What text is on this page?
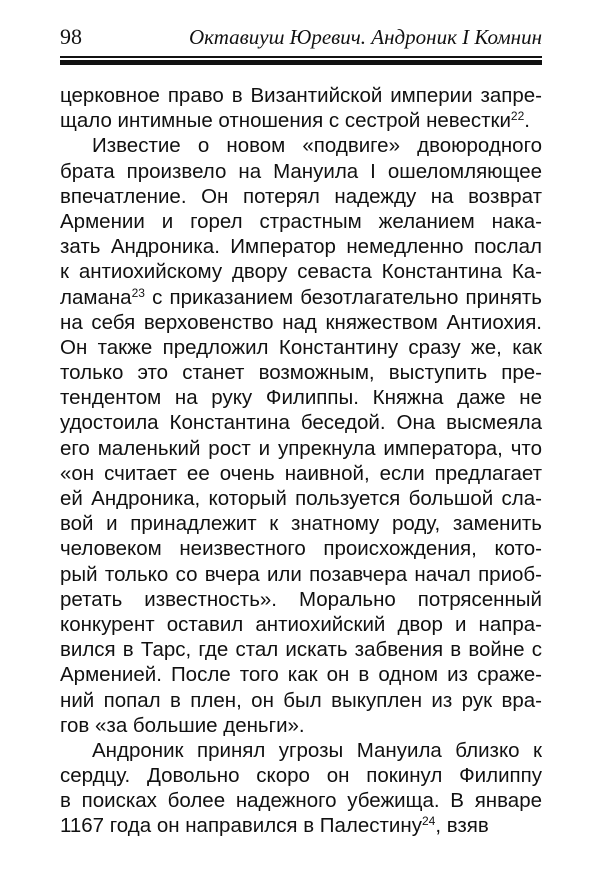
98	Октавиуш Юревич. Андроник I Комнин
церковное право в Византийской империи запре-
щало интимные отношения с сестрой невестки$^{22}$.
Известие о новом «подвиге» двоюродного
брата произвело на Мануила I ошеломляющее
впечатление. Он потерял надежду на возврат
Армении и горел страстным желанием нака-
зать Андроника. Император немедленно послал
к антиохийскому двору севаста Константина Ка-
ламана$^{23}$ с приказанием безотлагательно принять
на себя верховенство над княжеством Антиохия.
Он также предложил Константину сразу же, как
только это станет возможным, выступить пре-
тендентом на руку Филиппы. Княжна даже не
удостоила Константина беседой. Она высмеяла
его маленький рост и упрекнула императора, что
«он считает ее очень наивной, если предлагает
ей Андроника, который пользуется большой сла-
вой и принадлежит к знатному роду, заменить
человеком неизвестного происхождения, кото-
рый только со вчера или позавчера начал приоб-
ретать известность». Морально потрясенный
конкурент оставил антиохийский двор и напра-
вился в Тарс, где стал искать забвения в войне с
Арменией. После того как он в одном из сраже-
ний попал в плен, он был выкуплен из рук вра-
гов «за большие деньги».
Андроник принял угрозы Мануила близко к
сердцу. Довольно скоро он покинул Филиппу
в поисках более надежного убежища. В январе
1167 года он направился в Палестину$^{24}$, взяв
